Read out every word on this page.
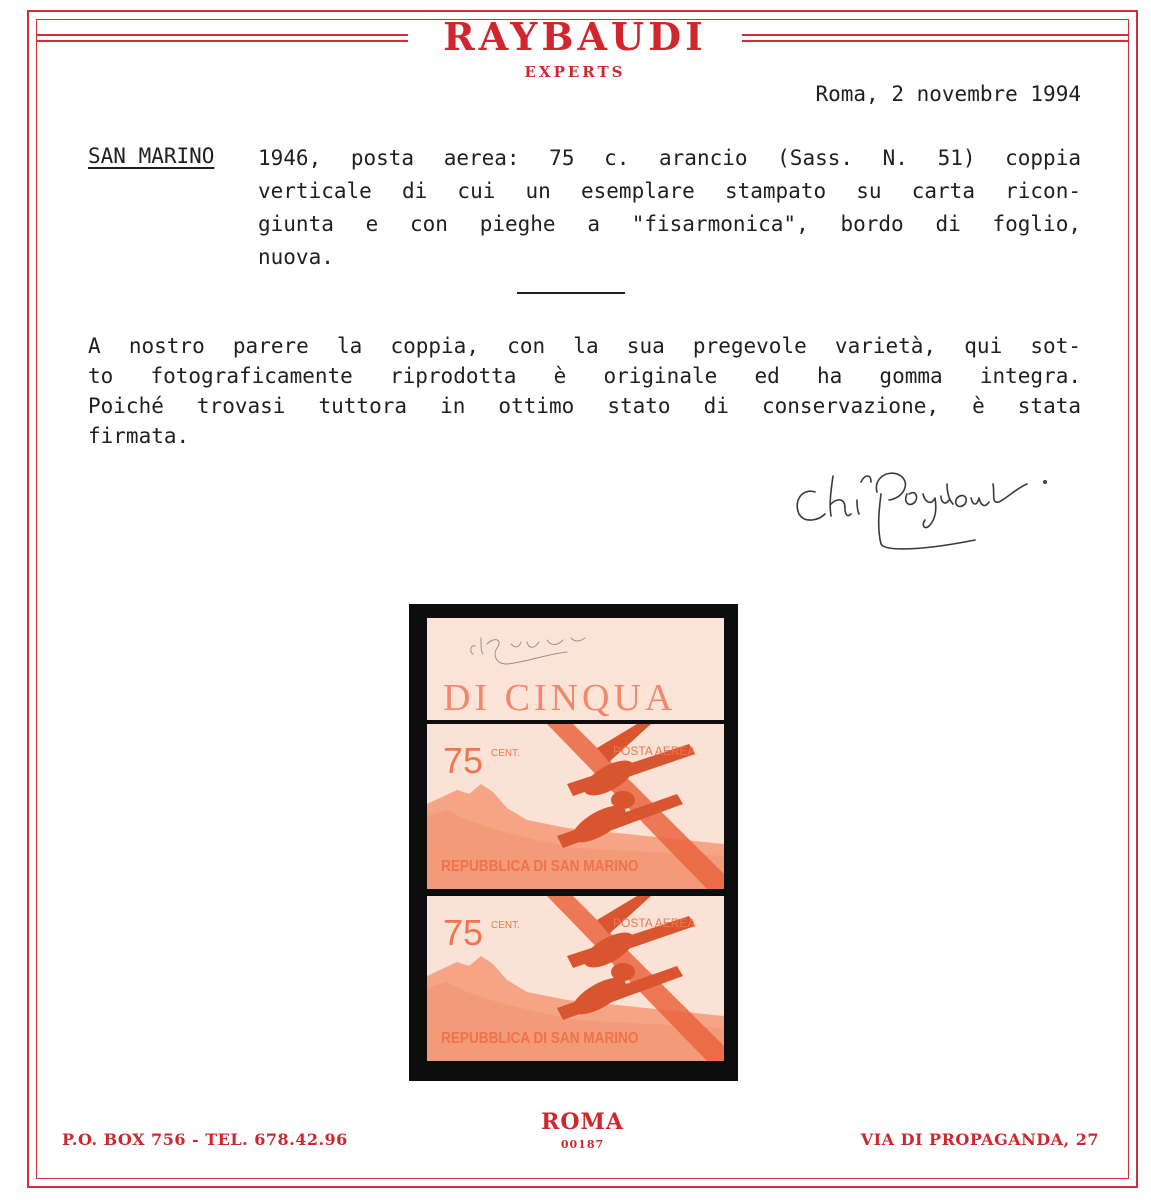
RAYBAUDI
EXPERTS
Roma, 2 novembre 1994
SAN MARINO 1946, posta aerea: 75 c. arancio (Sass. N. 51) coppia
verticale di cui un esemplare stampato su carta ricon-
giunta e con pieghe a "fisarmonica", bordo di foglio,
nuova.
A nostro parere la coppia, con la sua pregevole varietà, qui sot-
to fotograficamente riprodotta è originale ed ha gomma integra.
Poiché trovasi tuttora in ottimo stato di conservazione, è stata
firmata.
DI CINQUA
75 CENT.	POSTA AEREA
REPUBBLICA DI SAN MARINO
75 CENT.	POSTA AEREA
REPUBBLICA DI SAN MARINO
P.O. BOX 756 - TEL. 678.42.96
ROMA
00187	VIA DI PROPAGANDA, 27
